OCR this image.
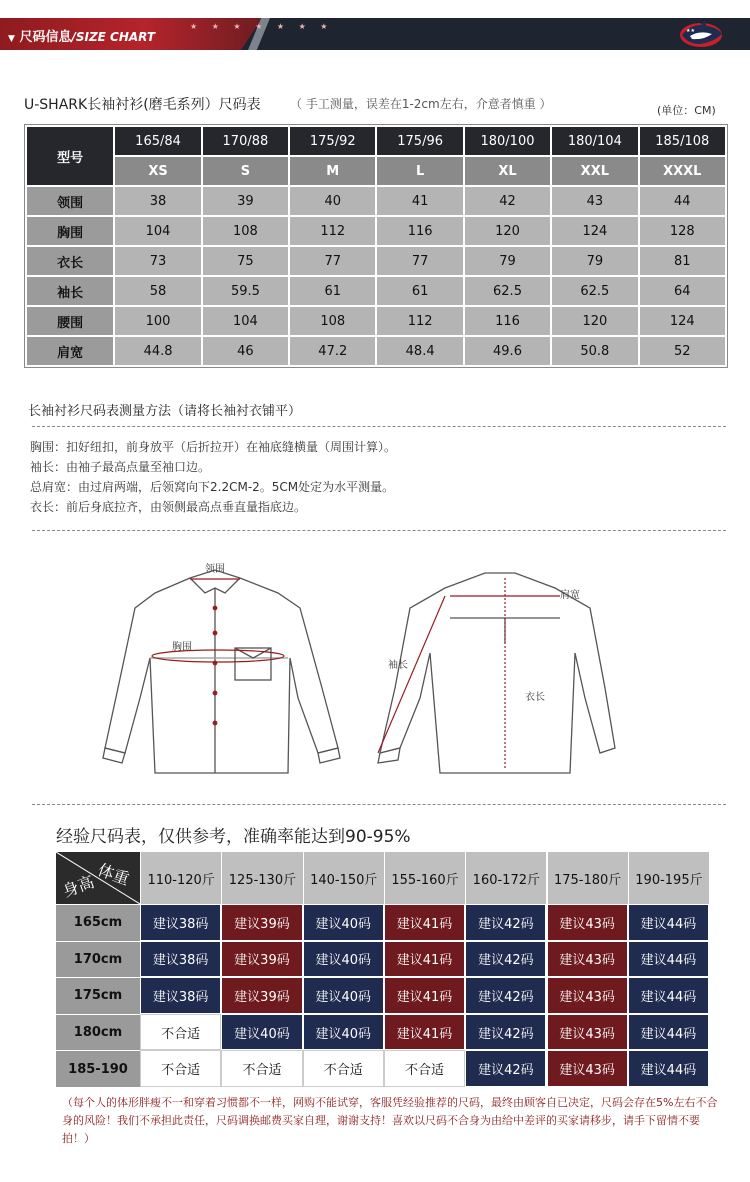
★ ★ ★ ★ ★ ★ ★
▼ 尺码信息/SIZE CHART	★★
U-SHARK长袖衬衫(磨毛系列）尺码表 （ 手工测量，误差在1-2cm左右，介意者慎重 ）	(单位：CM)
型号	165/84	170/88	175/92	175/96	180/100	180/104	185/108
	XS	S	M	L	XL	XXL	XXXL
领围	38	39	40	41	42	43	44
胸围	104	108	112	116	120	124	128
衣长	73	75	77	77	79	79	81
袖长	58	59.5	61	61	62.5	62.5	64
腰围	100	104	108	112	116	120	124
肩宽	44.8	46	47.2	48.4	49.6	50.8	52
长袖衬衫尺码表测量方法（请将长袖衬衣铺平）
胸围：扣好纽扣，前身放平（后折拉开）在袖底缝横量（周围计算）。
袖长：由袖子最高点量至袖口边。
总肩宽：由过肩两端，后领窝向下2.2CM-2。5CM处定为水平测量。
衣长：前后身底拉齐，由领侧最高点垂直量指底边。
领围
胸围
肩宽
袖长
衣长
经验尺码表，仅供参考，准确率能达到90-95%
身高
体重	110-120斤	125-130斤	140-150斤	155-160斤	160-172斤	175-180斤	190-195斤
165cm	建议38码	建议39码	建议40码	建议41码	建议42码	建议43码	建议44码
170cm	建议38码	建议39码	建议40码	建议41码	建议42码	建议43码	建议44码
175cm	建议38码	建议39码	建议40码	建议41码	建议42码	建议43码	建议44码
180cm	不合适	建议40码	建议40码	建议41码	建议42码	建议43码	建议44码
185-190	不合适	不合适	不合适	不合适	建议42码	建议43码	建议44码
（每个人的体形胖瘦不一和穿着习惯都不一样，网购不能试穿，客服凭经验推荐的尺码，最终由顾客自已决定，尺码会存在5%左右不合身的风险！我们不承担此责任，尺码调换邮费买家自理，谢谢支持！喜欢以尺码不合身为由给中差评的买家请移步，请手下留情不要拍！）
